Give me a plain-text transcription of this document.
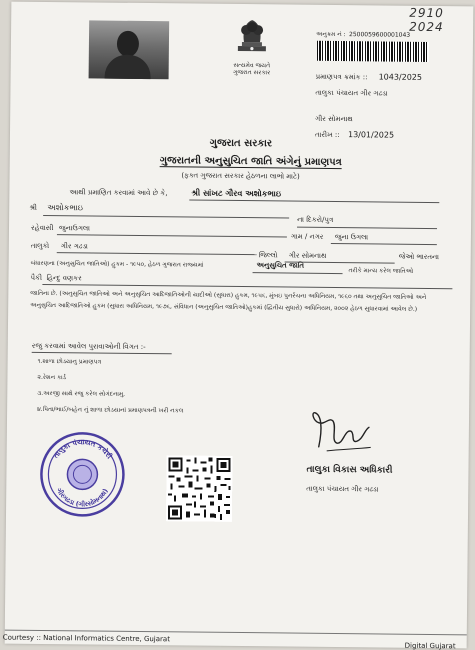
2910 2024
સત્યમેવ જયતે
ગુજરાત સરકાર
અનુક્રમ નં : 2500059600001043
પ્રમાણપત્ર ક્રમાંક :: 1043/2025
તાલુકા પંચાયત ગીર ગઢડા
ગીર સોમનાથ
તારીખ :: 13/01/2025
ગુજરાત સરકાર
ગુજરાતની અનુસુચિત જાતિ અંગેનું પ્રમાણપત્ર
(ફક્ત ગુજરાત સરકાર હેઠળના લાભો માટે)
આથી પ્રમાણિત કરવામાં આવે છે કે,	શ્રી સાંખટ ગૌરવ અશોકભાઇ
શ્રી અશોકભાઇ
ના દિકરો/પુત્ર
રહેવાસી જુનાઉગલા
ગામ / નગર જુના ઉગલા
તાલુકો ગીર ગઢડા
જિલ્લો ગીર સોમનાથ	જેઓ ભારતના
બંધારણના (અનુસુચિત જાતિઓ) હુકમ - ૧૯૫૦, હેઠળ ગુજરાત રાજ્યમાં	અનુસુચિત જાતિ
તરીકે માન્ય કરેલ જાતિઓ
પૈકી હિન્દુ વણકર
જાતિના છે. (અનુસુચિત જાતિઓ અને અનુસુચિત આદિજાતિઓની યાદીઓ (સુધારા) હુકમ, ૧૯૫૬, મુંબઇ પુનર્રચના અધિનિયમ, ૧૯૬૦ તથા અનુસુચિત જાતિઓ અને અનુસુચિત આદિજાતિઓ હુકમ (સુધારા અધિનિયમ, ૧૯૭૬, સંવિધાન (અનુસુચિત જાતિઓ)હુકમાં (દ્વિતીય સુધારો) અધિનિયમ, ૨૦૦૨ હેઠળ સુધારવામાં આવેલ છે.)
રજુ કરવામાં આવેલ પુરાવાઓની વિગત :-
૧.શાળા છોડયાનુ પ્રમાણપત્ર
૨.રેશન કાર્ડ
૩.અરજી સાથે રજુ કરેલ સોગંદનામુ.
૪.પિતા/ભાઈ/બહેન નું શાળા છોડયાનાં પ્રમાણપત્રની ખરી નકલ
તાલુકા પંચાયત કચેરી
ગીરગઢડા (ગીરસોમનાથ)
તાલુકા વિકાસ અધિકારી
તાલુકા પંચાયત ગીર ગઢડા
Courtesy :: National Informatics Centre, Gujarat
Digital Gujarat
